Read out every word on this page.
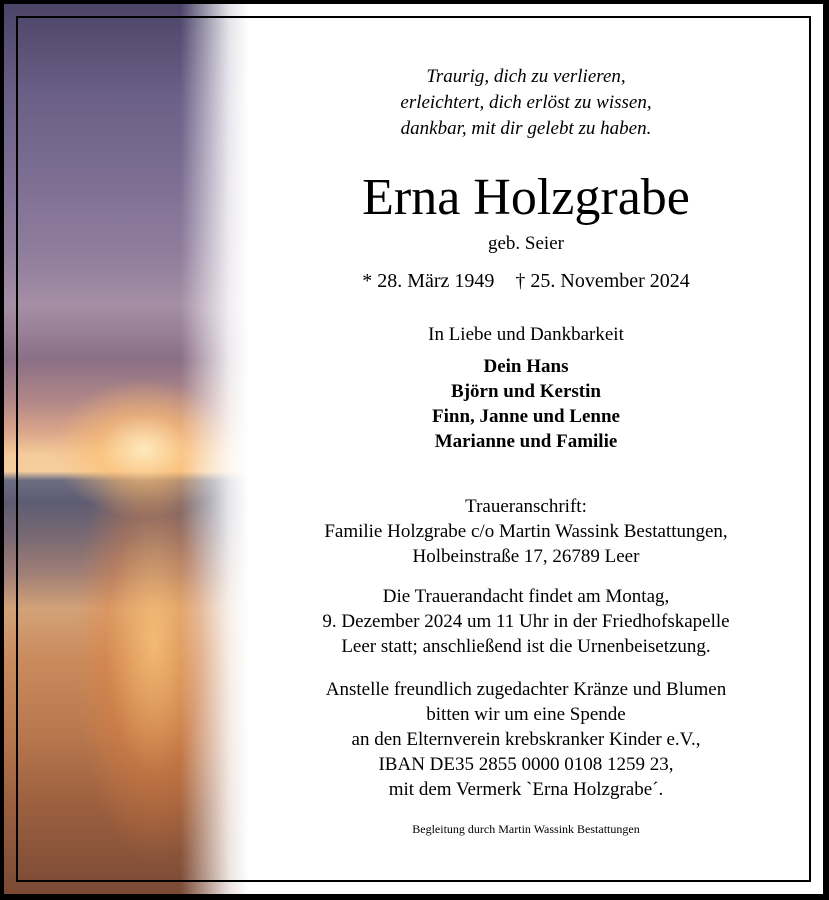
Traurig, dich zu verlieren,
erleichtert, dich erlöst zu wissen,
dankbar, mit dir gelebt zu haben.
Erna Holzgrabe
geb. Seier
* 28. März 1949 † 25. November 2024
In Liebe und Dankbarkeit
Dein Hans
Björn und Kerstin
Finn, Janne und Lenne
Marianne und Familie
Traueranschrift:
Familie Holzgrabe c/o Martin Wassink Bestattungen,
Holbeinstraße 17, 26789 Leer
Die Trauerandacht findet am Montag,
9. Dezember 2024 um 11 Uhr in der Friedhofskapelle
Leer statt; anschließend ist die Urnenbeisetzung.
Anstelle freundlich zugedachter Kränze und Blumen
bitten wir um eine Spende
an den Elternverein krebskranker Kinder e.V.,
IBAN DE35 2855 0000 0108 1259 23,
mit dem Vermerk `Erna Holzgrabe´.
Begleitung durch Martin Wassink Bestattungen
